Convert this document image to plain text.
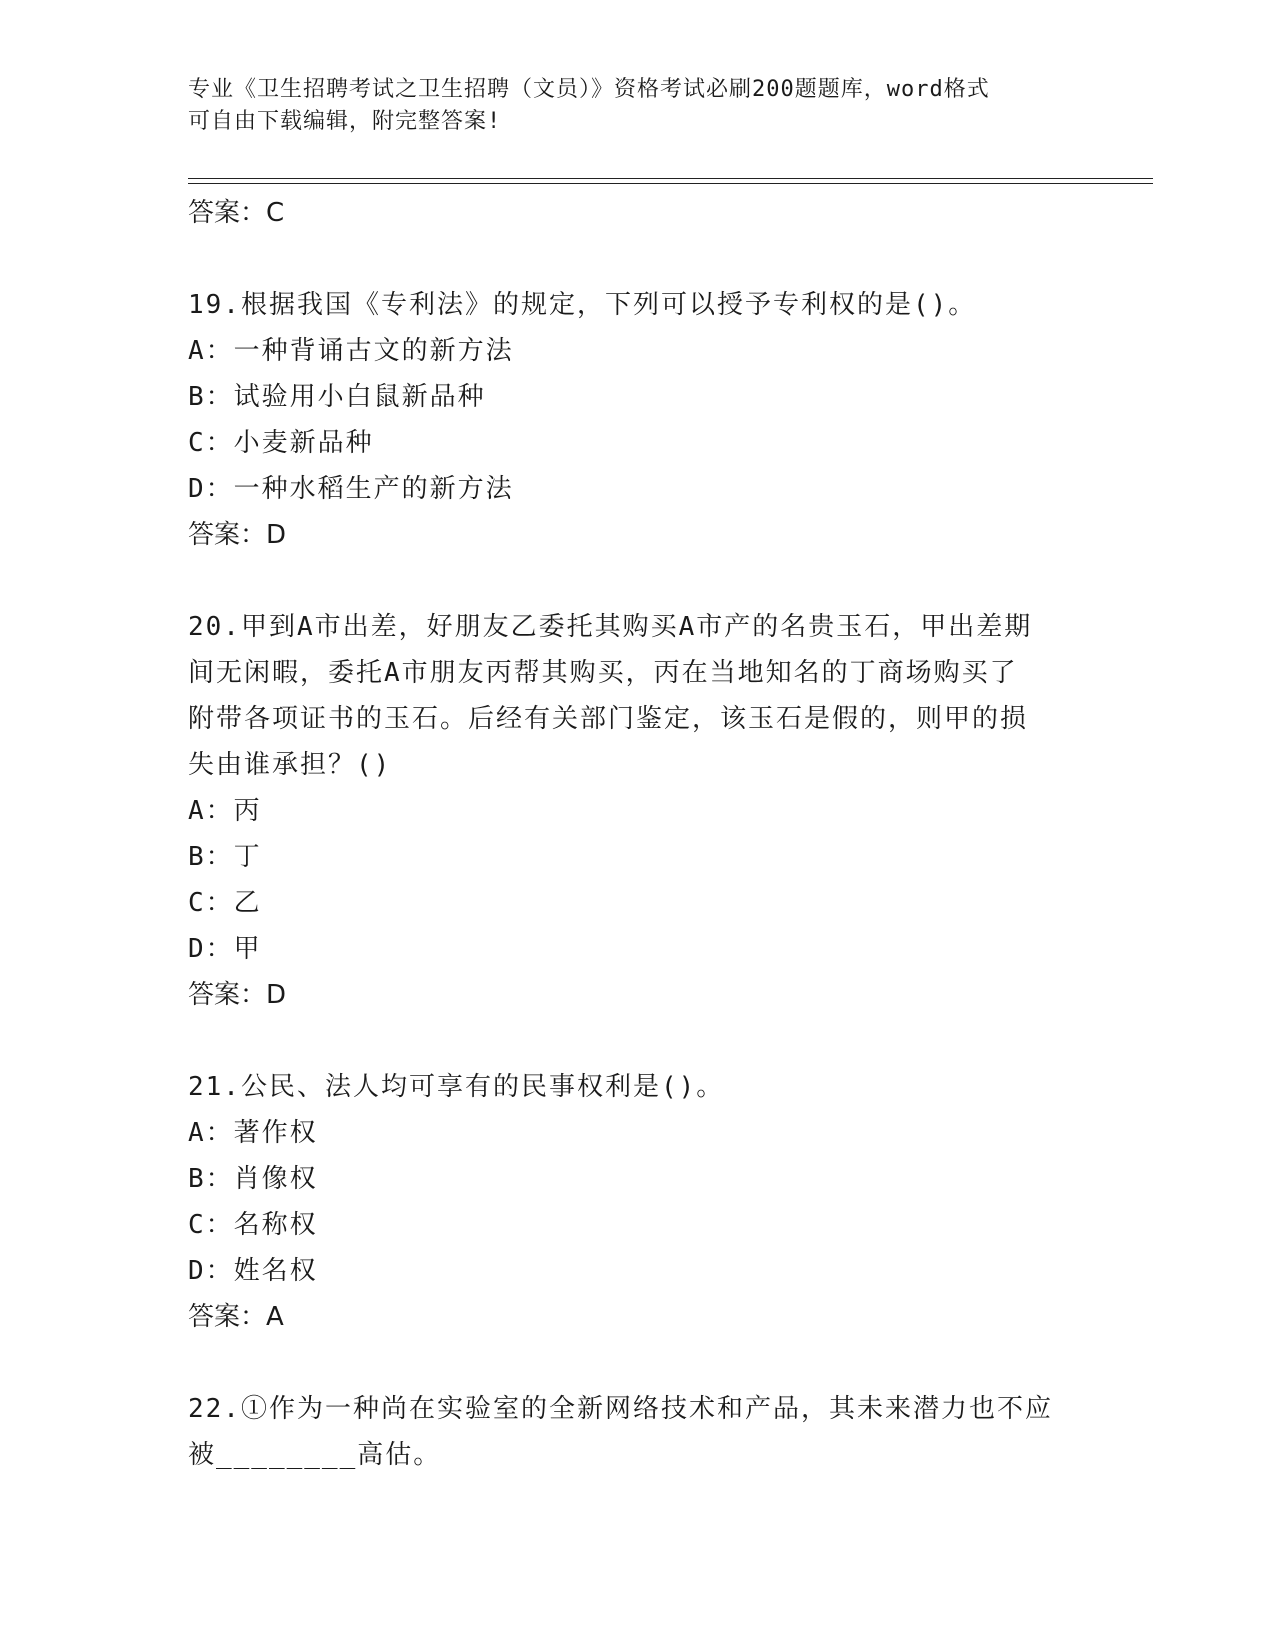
专业《卫生招聘考试之卫生招聘（文员）》资格考试必刷200题题库，word格式
可自由下载编辑，附完整答案!
答案：C
19.根据我国《专利法》的规定，下列可以授予专利权的是()。
A：一种背诵古文的新方法
B：试验用小白鼠新品种
C：小麦新品种
D：一种水稻生产的新方法
答案：D
20.甲到A市出差，好朋友乙委托其购买A市产的名贵玉石，甲出差期
间无闲暇，委托A市朋友丙帮其购买，丙在当地知名的丁商场购买了
附带各项证书的玉石。后经有关部门鉴定，该玉石是假的，则甲的损
失由谁承担？()
A：丙
B：丁
C：乙
D：甲
答案：D
21.公民、法人均可享有的民事权利是()。
A：著作权
B：肖像权
C：名称权
D：姓名权
答案：A
22.①作为一种尚在实验室的全新网络技术和产品，其未来潜力也不应
被________高估。
